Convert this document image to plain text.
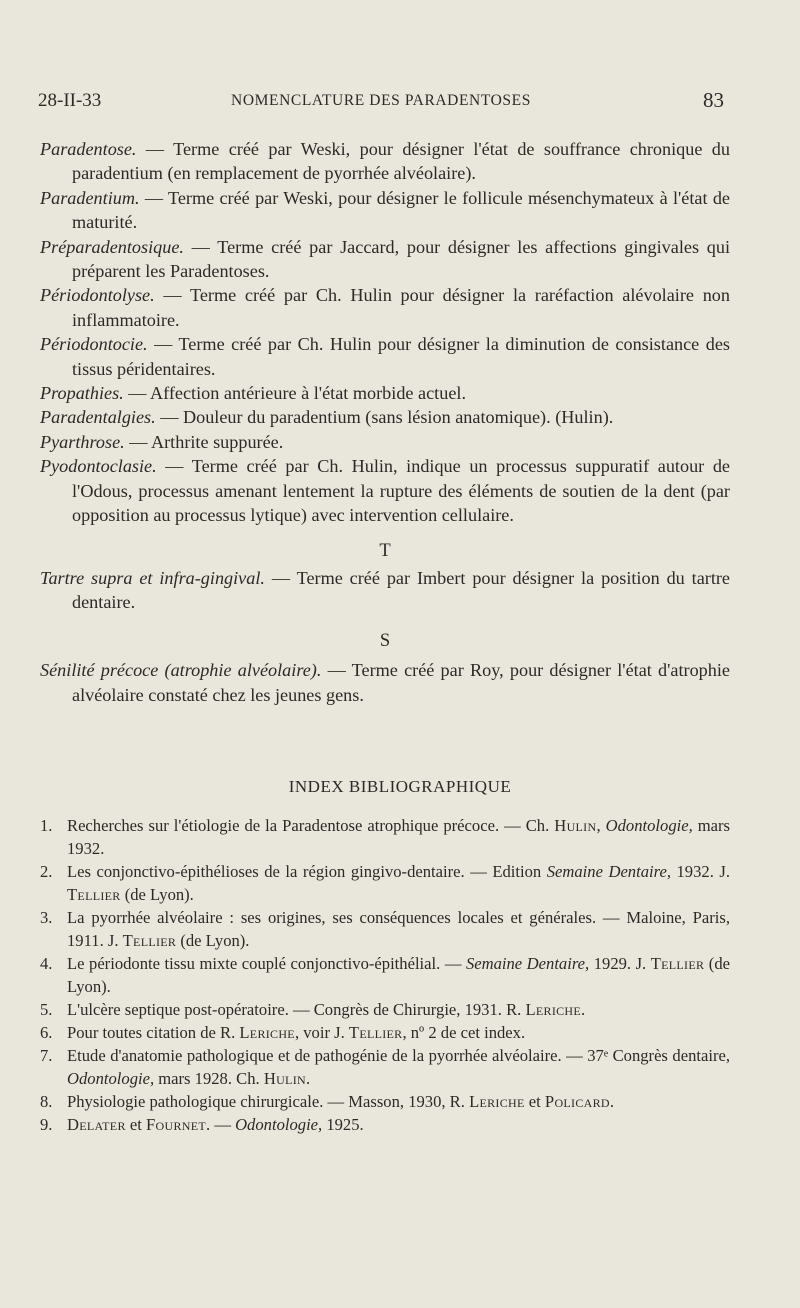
28-II-33	NOMENCLATURE DES PARADENTOSES	83

Paradentose. — Terme créé par Weski, pour désigner l'état de souffrance chronique du paradentium (en remplacement de pyorrhée alvéolaire).

Paradentium. — Terme créé par Weski, pour désigner le follicule mésenchymateux à l'état de maturité.

Préparadentosique. — Terme créé par Jaccard, pour désigner les affections gingivales qui préparent les Paradentoses.

Périodontolyse. — Terme créé par Ch. Hulin pour désigner la raréfaction alévolaire non inflammatoire.

Périodontocie. — Terme créé par Ch. Hulin pour désigner la diminution de consistance des tissus péridentaires.

Propathies. — Affection antérieure à l'état morbide actuel.

Paradentalgies. — Douleur du paradentium (sans lésion anatomique). (Hulin).

Pyarthrose. — Arthrite suppurée.

Pyodontoclasie. — Terme créé par Ch. Hulin, indique un processus suppuratif autour de l'Odous, processus amenant lentement la rupture des éléments de soutien de la dent (par opposition au processus lytique) avec intervention cellulaire.

T

Tartre supra et infra-gingival. — Terme créé par Imbert pour désigner la position du tartre dentaire.

S

Sénilité précoce (atrophie alvéolaire). — Terme créé par Roy, pour désigner l'état d'atrophie alvéolaire constaté chez les jeunes gens.

INDEX BIBLIOGRAPHIQUE
1. Recherches sur l'étiologie de la Paradentose atrophique précoce. — Ch. Hulin, Odontologie, mars 1932.
2. Les conjonctivo-épithélioses de la région gingivo-dentaire. — Edition Semaine Dentaire, 1932. J. Tellier (de Lyon).
3. La pyorrhée alvéolaire : ses origines, ses conséquences locales et générales. — Maloine, Paris, 1911. J. Tellier (de Lyon).
4. Le périodonte tissu mixte couplé conjonctivo-épithélial. — Semaine Dentaire, 1929. J. Tellier (de Lyon).
5. L'ulcère septique post-opératoire. — Congrès de Chirurgie, 1931. R. Leriche.
6. Pour toutes citation de R. Leriche, voir J. Tellier, nº 2 de cet index.
7. Etude d'anatomie pathologique et de pathogénie de la pyorrhée alvéolaire. — 37ᵉ Congrès dentaire, Odontologie, mars 1928. Ch. Hulin.
8. Physiologie pathologique chirurgicale. — Masson, 1930, R. Leriche et Policard.
9. Delater et Fournet. — Odontologie, 1925.
